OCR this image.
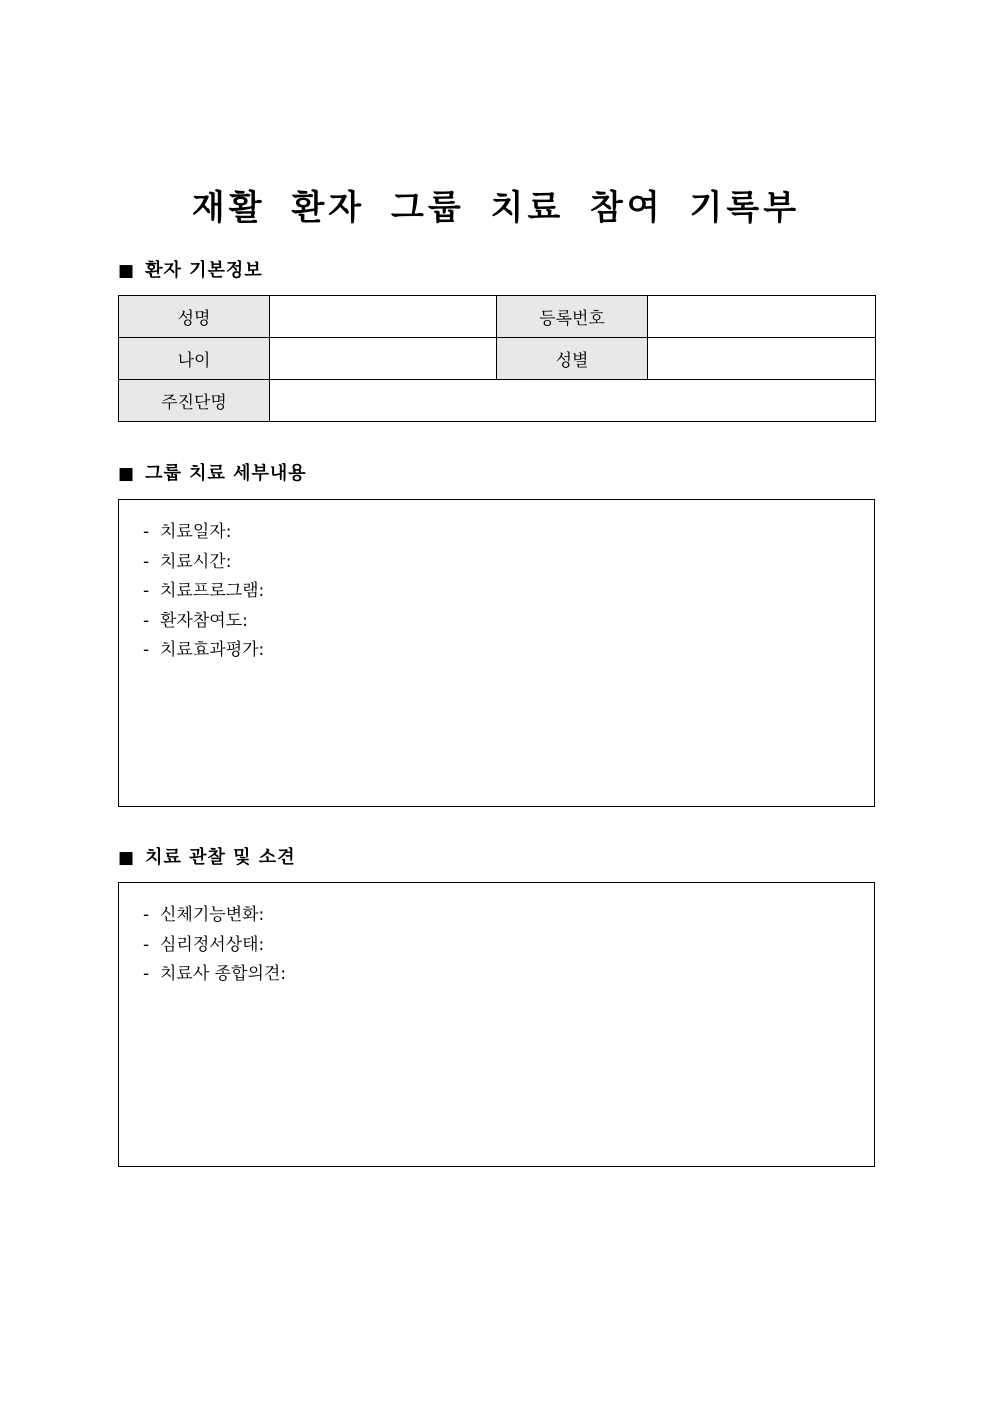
재활 환자 그룹 치료 참여 기록부
■ 환자 기본정보
성명		등록번호	
나이		성별	
주진단명			
■ 그룹 치료 세부내용
- 치료일자:
- 치료시간:
- 치료프로그램:
- 환자참여도:
- 치료효과평가:
■ 치료 관찰 및 소견
- 신체기능변화:
- 심리정서상태:
- 치료사 종합의견:
